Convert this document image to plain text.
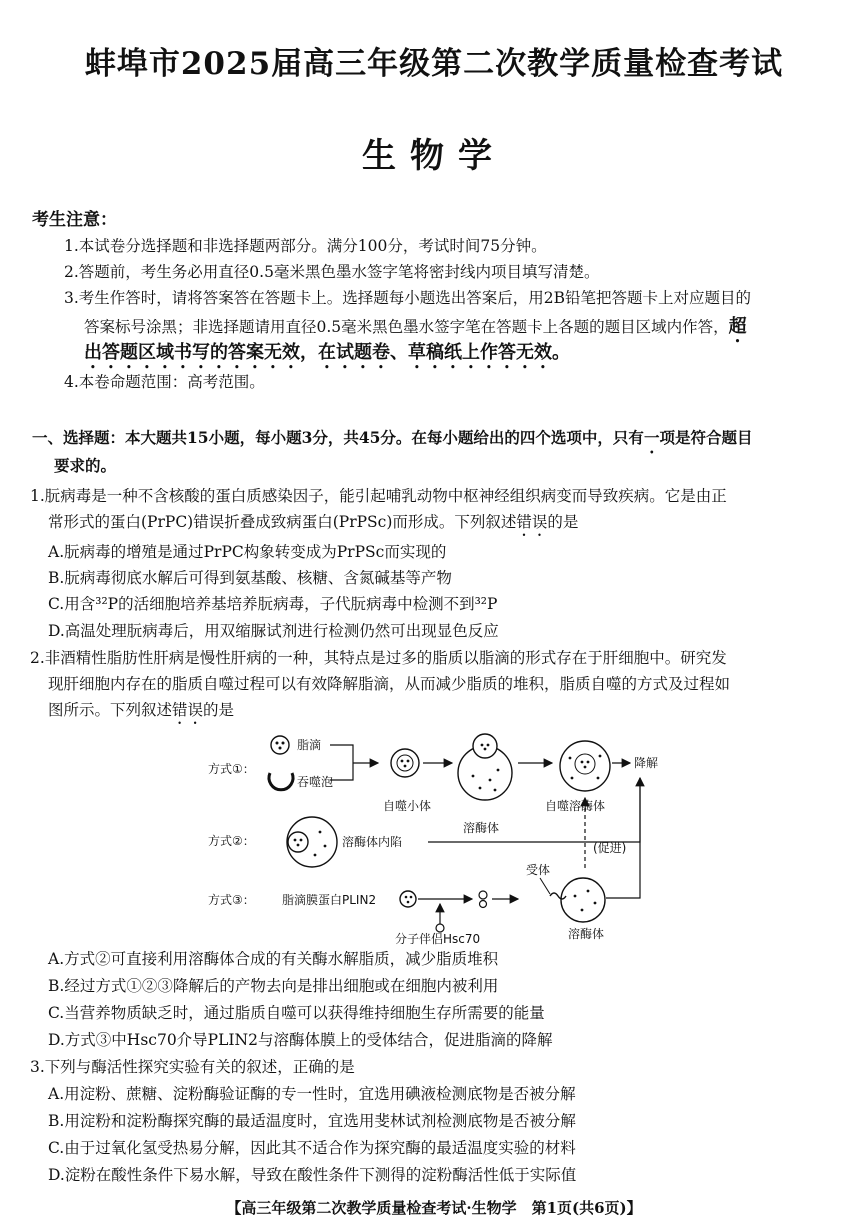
蚌埠市2025届高三年级第二次教学质量检查考试
生物学
考生注意：
1.本试卷分选择题和非选择题两部分。满分100分，考试时间75分钟。
2.答题前，考生务必用直径0.5毫米黑色墨水签字笔将密封线内项目填写清楚。
3.考生作答时，请将答案答在答题卡上。选择题每小题选出答案后，用2B铅笔把答题卡上对应题目的
答案标号涂黑；非选择题请用直径0.5毫米黑色墨水签字笔在答题卡上各题的题目区域内作答，超
出答题区域书写的答案无效，在试题卷、草稿纸上作答无效。
4.本卷命题范围：高考范围。
一、选择题：本大题共15小题，每小题3分，共45分。在每小题给出的四个选项中，只有一项是符合题目
要求的。
1.朊病毒是一种不含核酸的蛋白质感染因子，能引起哺乳动物中枢神经组织病变而导致疾病。它是由正
常形式的蛋白(PrPC)错误折叠成致病蛋白(PrPSc)而形成。下列叙述错误的是
A.朊病毒的增殖是通过PrPC构象转变成为PrPSc而实现的
B.朊病毒彻底水解后可得到氨基酸、核糖、含氮碱基等产物
C.用含³²P的活细胞培养基培养朊病毒，子代朊病毒中检测不到³²P
D.高温处理朊病毒后，用双缩脲试剂进行检测仍然可出现显色反应
2.非酒精性脂肪性肝病是慢性肝病的一种，其特点是过多的脂质以脂滴的形式存在于肝细胞中。研究发
现肝细胞内存在的脂质自噬过程可以有效降解脂滴，从而减少脂质的堆积，脂质自噬的方式及过程如
图所示。下列叙述错误的是
方式①：
脂滴
吞噬泡
自噬小体
溶酶体
自噬溶酶体
降解
方式②：	溶酶体内陷	(促进)
方式③： 脂滴膜蛋白PLIN2
分子伴侣Hsc70
受体
溶酶体
A.方式②可直接利用溶酶体合成的有关酶水解脂质，减少脂质堆积
B.经过方式①②③降解后的产物去向是排出细胞或在细胞内被利用
C.当营养物质缺乏时，通过脂质自噬可以获得维持细胞生存所需要的能量
D.方式③中Hsc70介导PLIN2与溶酶体膜上的受体结合，促进脂滴的降解
3.下列与酶活性探究实验有关的叙述，正确的是
A.用淀粉、蔗糖、淀粉酶验证酶的专一性时，宜选用碘液检测底物是否被分解
B.用淀粉和淀粉酶探究酶的最适温度时，宜选用斐林试剂检测底物是否被分解
C.由于过氧化氢受热易分解，因此其不适合作为探究酶的最适温度实验的材料
D.淀粉在酸性条件下易水解，导致在酸性条件下测得的淀粉酶活性低于实际值
【高三年级第二次教学质量检查考试·生物学　第1页(共6页)】
